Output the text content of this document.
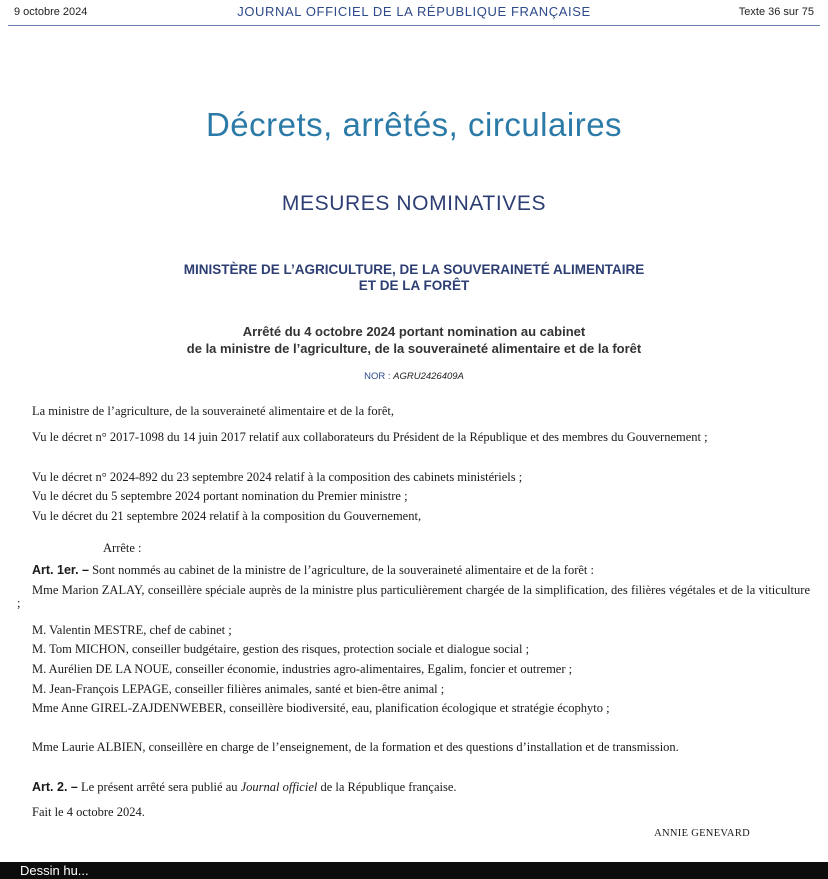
9 octobre 2024	JOURNAL OFFICIEL DE LA RÉPUBLIQUE FRANÇAISE	Texte 36 sur 75
Décrets, arrêtés, circulaires
MESURES NOMINATIVES
MINISTÈRE DE L’AGRICULTURE, DE LA SOUVERAINETÉ ALIMENTAIRE
ET DE LA FORÊT
Arrêté du 4 octobre 2024 portant nomination au cabinet
de la ministre de l’agriculture, de la souveraineté alimentaire et de la forêt
NOR : AGRU2426409A
La ministre de l’agriculture, de la souveraineté alimentaire et de la forêt,
Vu le décret n° 2017-1098 du 14 juin 2017 relatif aux collaborateurs du Président de la République et des membres du Gouvernement ;
Vu le décret n° 2024-892 du 23 septembre 2024 relatif à la composition des cabinets ministériels ;
Vu le décret du 5 septembre 2024 portant nomination du Premier ministre ;
Vu le décret du 21 septembre 2024 relatif à la composition du Gouvernement,
Arrête :
Art. 1er. – Sont nommés au cabinet de la ministre de l’agriculture, de la souveraineté alimentaire et de la forêt :
Mme Marion ZALAY, conseillère spéciale auprès de la ministre plus particulièrement chargée de la simplification, des filières végétales et de la viticulture ;
M. Valentin MESTRE, chef de cabinet ;
M. Tom MICHON, conseiller budgétaire, gestion des risques, protection sociale et dialogue social ;
M. Aurélien DE LA NOUE, conseiller économie, industries agro-alimentaires, Egalim, foncier et outremer ;
M. Jean-François LEPAGE, conseiller filières animales, santé et bien-être animal ;
Mme Anne GIREL-ZAJDENWEBER, conseillère biodiversité, eau, planification écologique et stratégie écophyto ;
Mme Laurie ALBIEN, conseillère en charge de l’enseignement, de la formation et des questions d’installation et de transmission.
Art. 2. – Le présent arrêté sera publié au Journal officiel de la République française.
Fait le 4 octobre 2024.
ANNIE GENEVARD
Dessin hu...
